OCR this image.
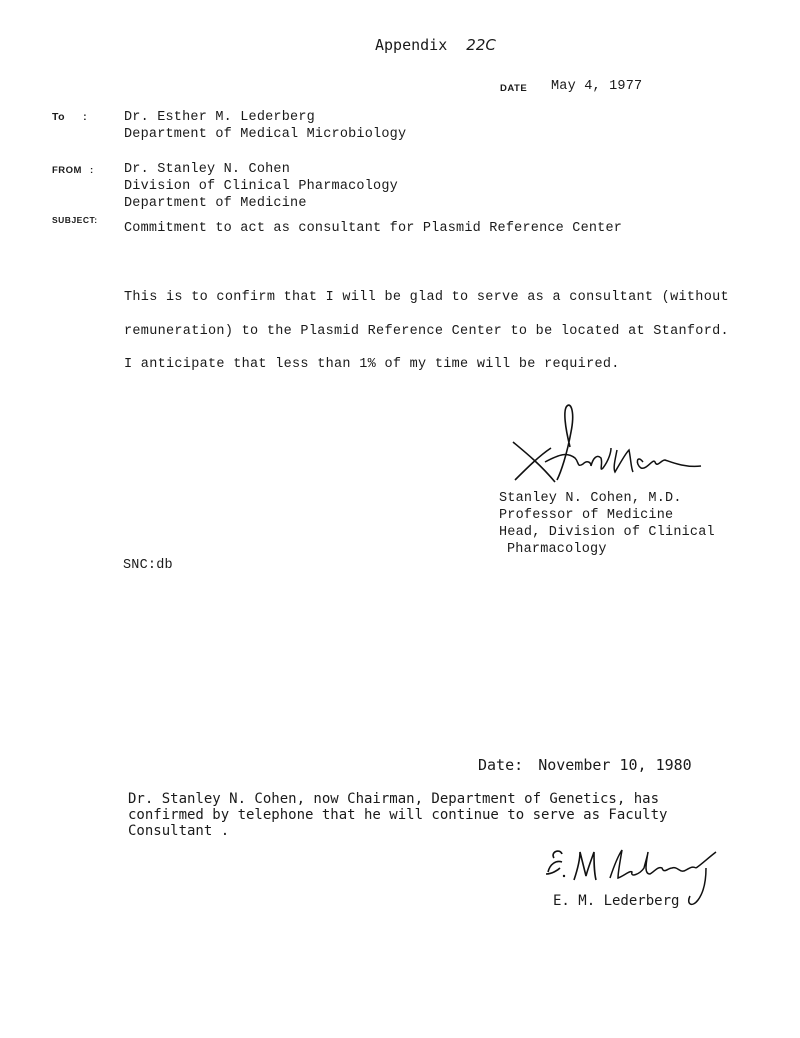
Appendix 22C
DATE May 4, 1977
To :	Dr. Esther M. Lederberg
Department of Medical Microbiology
FROM : Dr. Stanley N. Cohen
Division of Clinical Pharmacology
Department of Medicine
SUBJECT:
Commitment to act as consultant for Plasmid Reference Center
This is to confirm that I will be glad to serve as a consultant (without
remuneration) to the Plasmid Reference Center to be located at Stanford.
I anticipate that less than 1% of my time will be required.
Stanley N. Cohen, M.D.
Professor of Medicine
Head, Division of Clinical
Pharmacology
SNC:db
Date: November 10, 1980
Dr. Stanley N. Cohen, now Chairman, Department of Genetics, has
confirmed by telephone that he will continue to serve as Faculty
Consultant .
E. M. Lederberg
